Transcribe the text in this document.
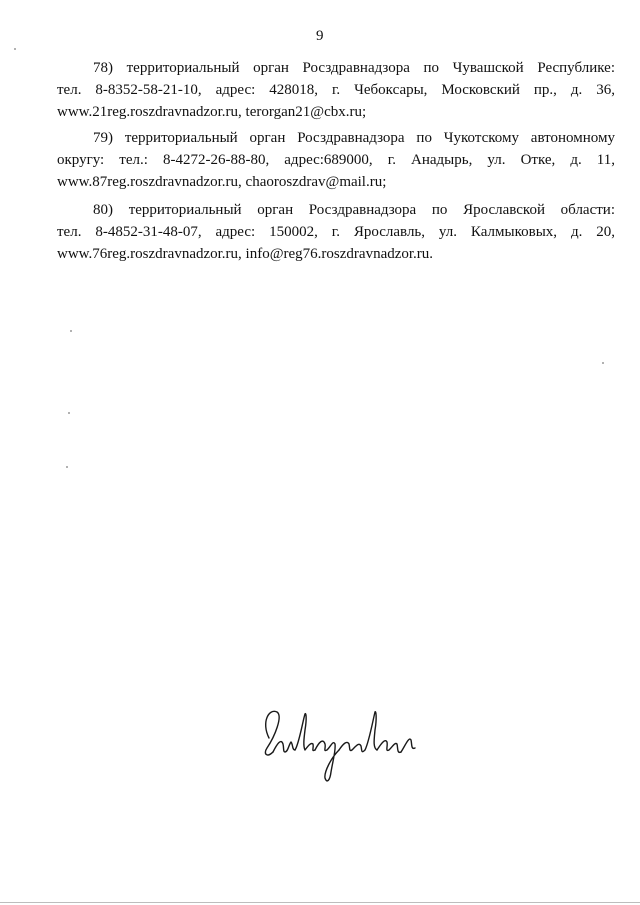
9
78) территориальный орган Росздравнадзора по Чувашской Республике:
тел. 8-8352-58-21-10, адрес: 428018, г. Чебоксары, Московский пр., д. 36,
www.21reg.roszdravnadzor.ru, terorgan21@cbx.ru;
79) территориальный орган Росздравнадзора по Чукотскому автономному
округу: тел.: 8-4272-26-88-80, адрес:689000, г. Анадырь, ул. Отке, д. 11,
www.87reg.roszdravnadzor.ru, chaoroszdrav@mail.ru;
80) территориальный орган Росздравнадзора по Ярославской области:
тел. 8-4852-31-48-07, адрес: 150002, г. Ярославль, ул. Калмыковых, д. 20,
www.76reg.roszdravnadzor.ru, info@reg76.roszdravnadzor.ru.
